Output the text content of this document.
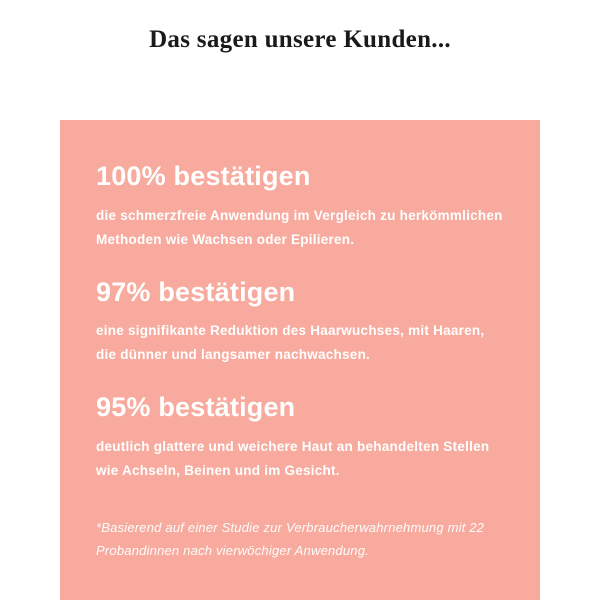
Das sagen unsere Kunden...

100% bestätigen

die schmerzfreie Anwendung im Vergleich zu herkömmlichen Methoden wie Wachsen oder Epilieren.

97% bestätigen

eine signifikante Reduktion des Haarwuchses, mit Haaren, die dünner und langsamer nachwachsen.

95% bestätigen

deutlich glattere und weichere Haut an behandelten Stellen wie Achseln, Beinen und im Gesicht.

*Basierend auf einer Studie zur Verbraucherwahrnehmung mit 22 Probandinnen nach vierwöchiger Anwendung.
